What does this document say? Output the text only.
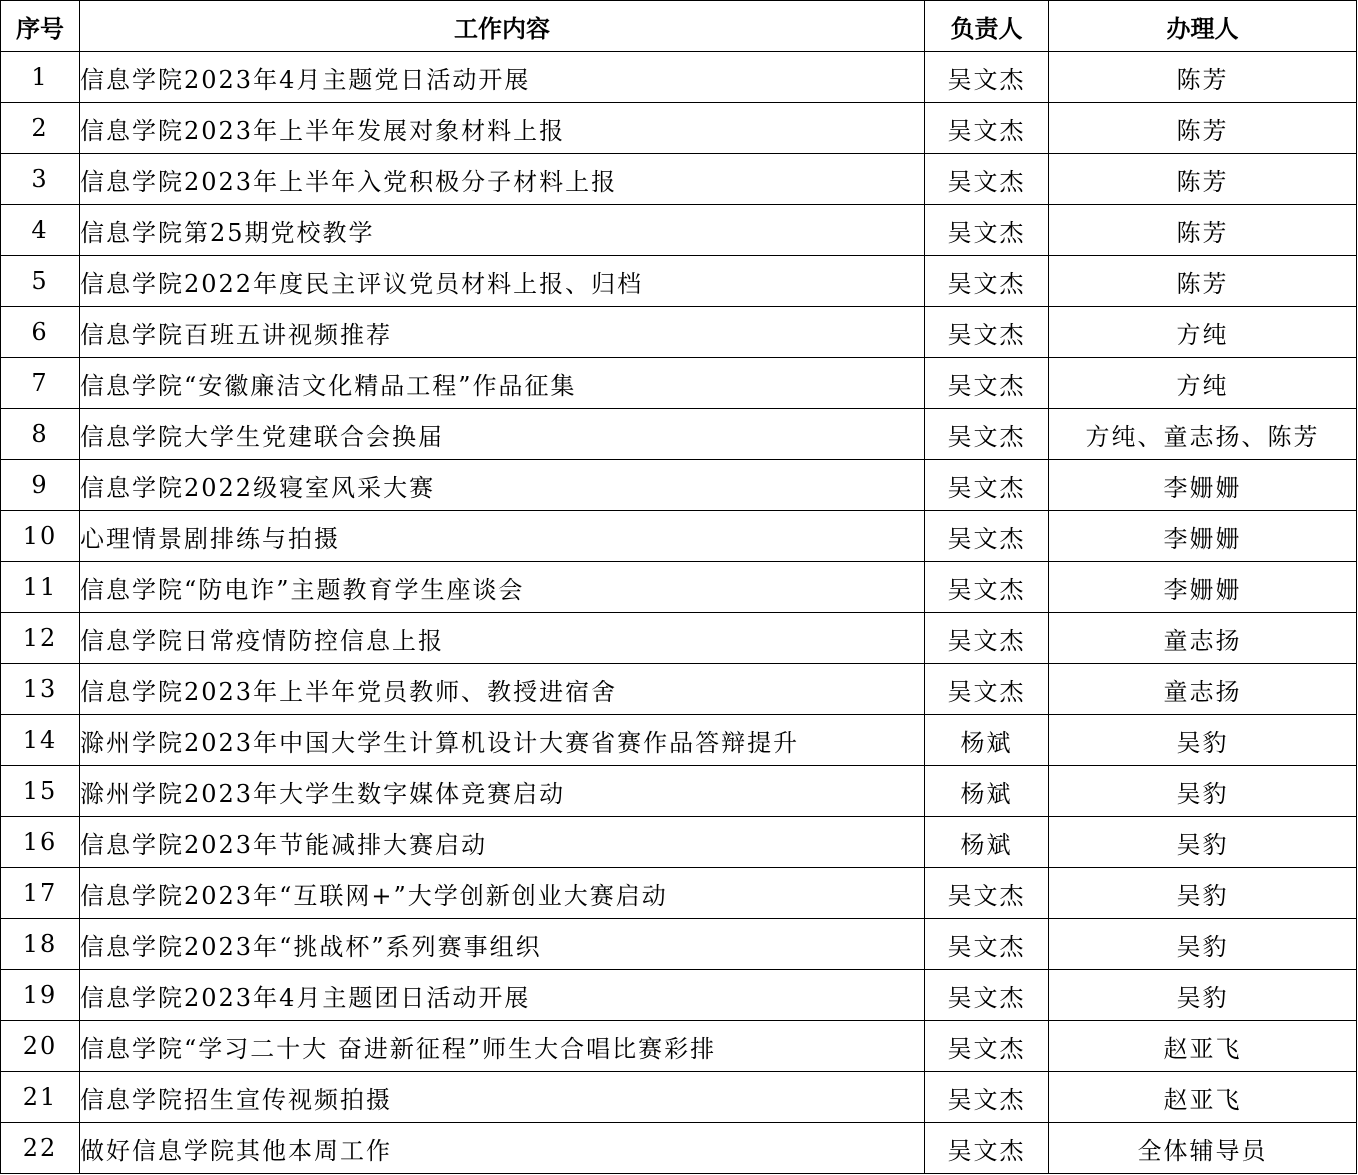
序号	工作内容	负责人	办理人
1	信息学院2023年4月主题党日活动开展	吴文杰	陈芳
2	信息学院2023年上半年发展对象材料上报	吴文杰	陈芳
3	信息学院2023年上半年入党积极分子材料上报	吴文杰	陈芳
4	信息学院第25期党校教学	吴文杰	陈芳
5	信息学院2022年度民主评议党员材料上报、归档	吴文杰	陈芳
6	信息学院百班五讲视频推荐	吴文杰	方纯
7	信息学院“安徽廉洁文化精品工程”作品征集	吴文杰	方纯
8	信息学院大学生党建联合会换届	吴文杰	方纯、童志扬、陈芳
9	信息学院2022级寝室风采大赛	吴文杰	李姗姗
10	心理情景剧排练与拍摄	吴文杰	李姗姗
11	信息学院“防电诈”主题教育学生座谈会	吴文杰	李姗姗
12	信息学院日常疫情防控信息上报	吴文杰	童志扬
13	信息学院2023年上半年党员教师、教授进宿舍	吴文杰	童志扬
14	滁州学院2023年中国大学生计算机设计大赛省赛作品答辩提升	杨斌	吴豹
15	滁州学院2023年大学生数字媒体竞赛启动	杨斌	吴豹
16	信息学院2023年节能减排大赛启动	杨斌	吴豹
17	信息学院2023年“互联网+”大学创新创业大赛启动	吴文杰	吴豹
18	信息学院2023年“挑战杯”系列赛事组织	吴文杰	吴豹
19	信息学院2023年4月主题团日活动开展	吴文杰	吴豹
20	信息学院“学习二十大 奋进新征程”师生大合唱比赛彩排	吴文杰	赵亚飞
21	信息学院招生宣传视频拍摄	吴文杰	赵亚飞
22	做好信息学院其他本周工作	吴文杰	全体辅导员
